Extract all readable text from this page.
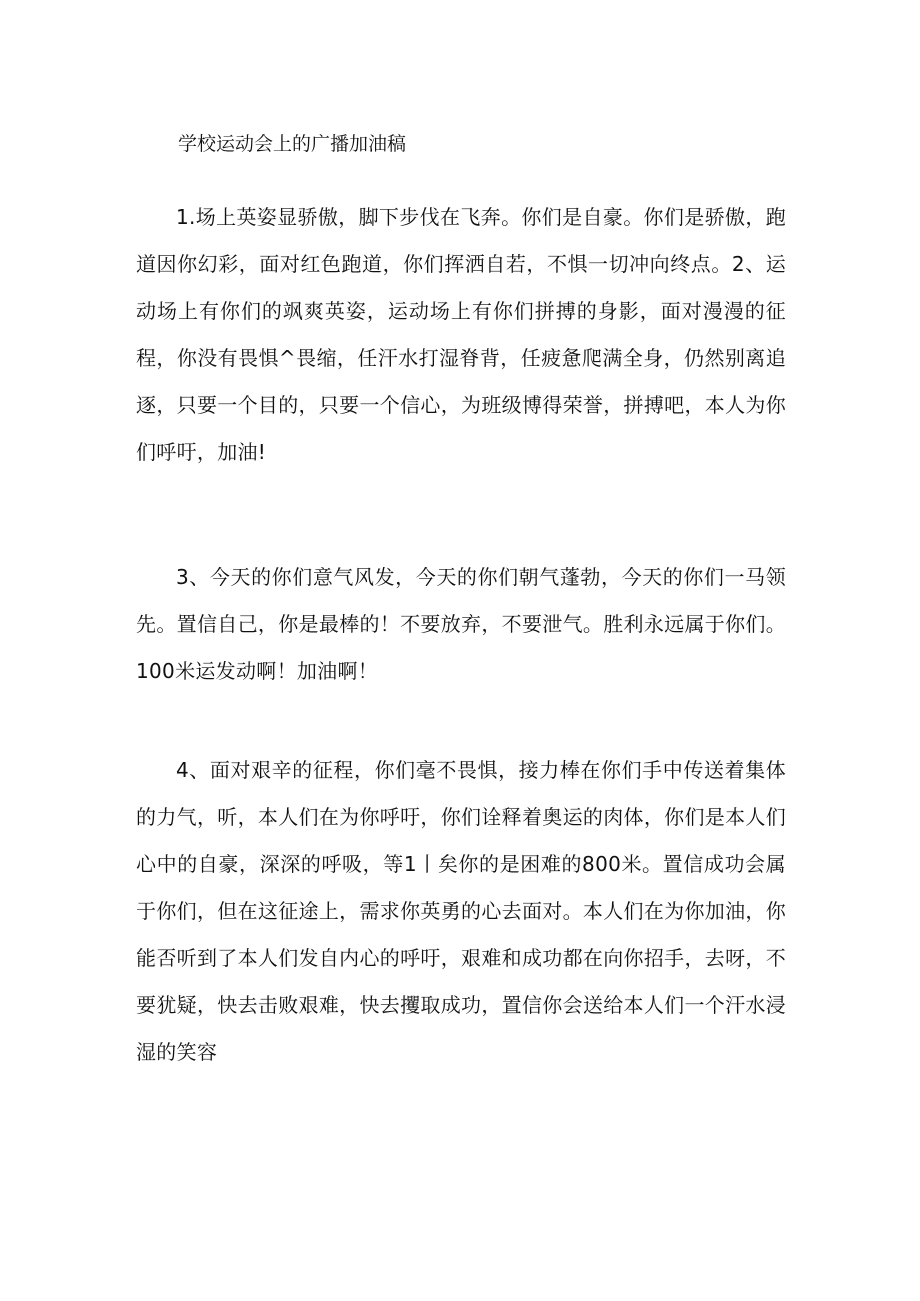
学校运动会上的广播加油稿

1.场上英姿显骄傲，脚下步伐在飞奔。你们是自豪。你们是骄傲，跑道因你幻彩，面对红色跑道，你们挥洒自若，不惧一切冲向终点。2、运动场上有你们的飒爽英姿，运动场上有你们拼搏的身影，面对漫漫的征程，你没有畏惧^畏缩，任汗水打湿脊背，任疲惫爬满全身，仍然别离追逐，只要一个目的，只要一个信心，为班级博得荣誉，拼搏吧，本人为你们呼吁，加油!

3、今天的你们意气风发，今天的你们朝气蓬勃，今天的你们一马领先。置信自己，你是最棒的！不要放弃，不要泄气。胜利永远属于你们。100米运发动啊！加油啊！

4、面对艰辛的征程，你们毫不畏惧，接力棒在你们手中传送着集体的力气，听，本人们在为你呼吁，你们诠释着奥运的肉体，你们是本人们心中的自豪，深深的呼吸，等1丨矣你的是困难的800米。置信成功会属于你们，但在这征途上，需求你英勇的心去面对。本人们在为你加油，你能否听到了本人们发自内心的呼吁，艰难和成功都在向你招手，去呀，不要犹疑，快去击败艰难，快去攫取成功，置信你会送给本人们一个汗水浸湿的笑容
